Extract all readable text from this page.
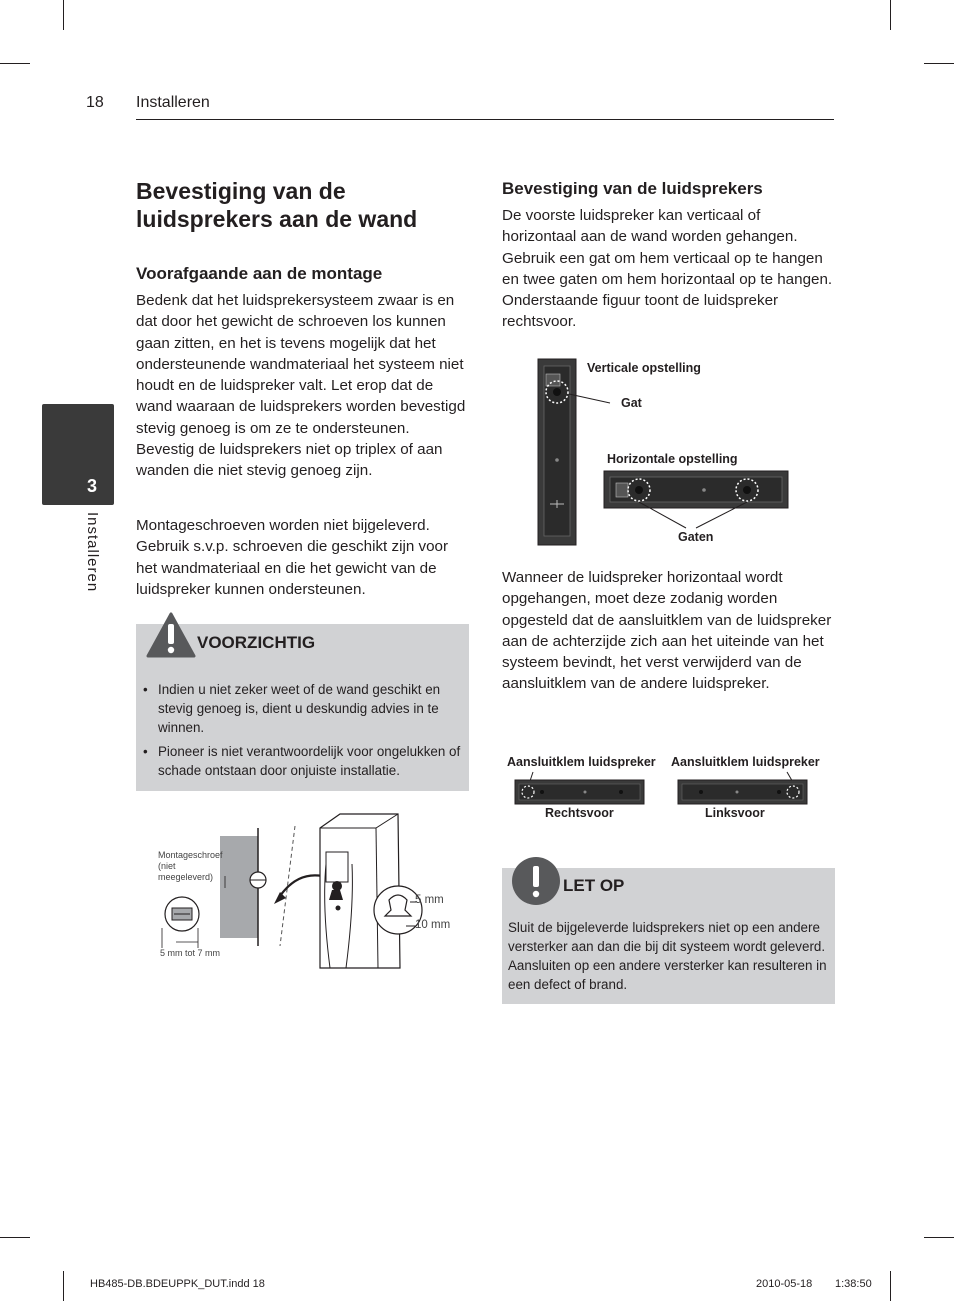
18 Installeren
3
Installeren
Bevestiging van de luidsprekers aan de wand
Voorafgaande aan de montage
Bedenk dat het luidsprekersysteem zwaar is en dat door het gewicht de schroeven los kunnen gaan zitten, en het is tevens mogelijk dat het ondersteunende wandmateriaal het systeem niet houdt en de luidspreker valt. Let erop dat de wand waaraan de luidsprekers worden bevestigd stevig genoeg is om ze te ondersteunen. Bevestig de luidsprekers niet op triplex of aan wanden die niet stevig genoeg zijn.
Montageschroeven worden niet bijgeleverd. Gebruik s.v.p. schroeven die geschikt zijn voor het wandmateriaal en die het gewicht van de luidspreker kunnen ondersteunen.
VOORZICHTIG
• Indien u niet zeker weet of de wand geschikt en stevig genoeg is, dient u deskundig advies in te winnen.
• Pioneer is niet verantwoordelijk voor ongelukken of schade ontstaan door onjuiste installatie.
Montageschroef (niet meegeleverd)
5 mm tot 7 mm
5 mm
10 mm
Bevestiging van de luidsprekers
De voorste luidspreker kan verticaal of horizontaal aan de wand worden gehangen. Gebruik een gat om hem verticaal op te hangen en twee gaten om hem horizontaal op te hangen. Onderstaande figuur toont de luidspreker rechtsvoor.
Verticale opstelling
Gat
Horizontale opstelling
Gaten
Wanneer de luidspreker horizontaal wordt opgehangen, moet deze zodanig worden opgesteld dat de aansluitklem van de luidspreker aan de achterzijde zich aan het uiteinde van het systeem bevindt, het verst verwijderd van de aansluitklem van de andere luidspreker.
Aansluitklem luidspreker Aansluitklem luidspreker
Rechtsvoor	Linksvoor
LET OP
Sluit de bijgeleverde luidsprekers niet op een andere versterker aan dan die bij dit systeem wordt geleverd. Aansluiten op een andere versterker kan resulteren in een defect of brand.
HB485-DB.BDEUPPK_DUT.indd 18	2010-05-18 1:38:50
